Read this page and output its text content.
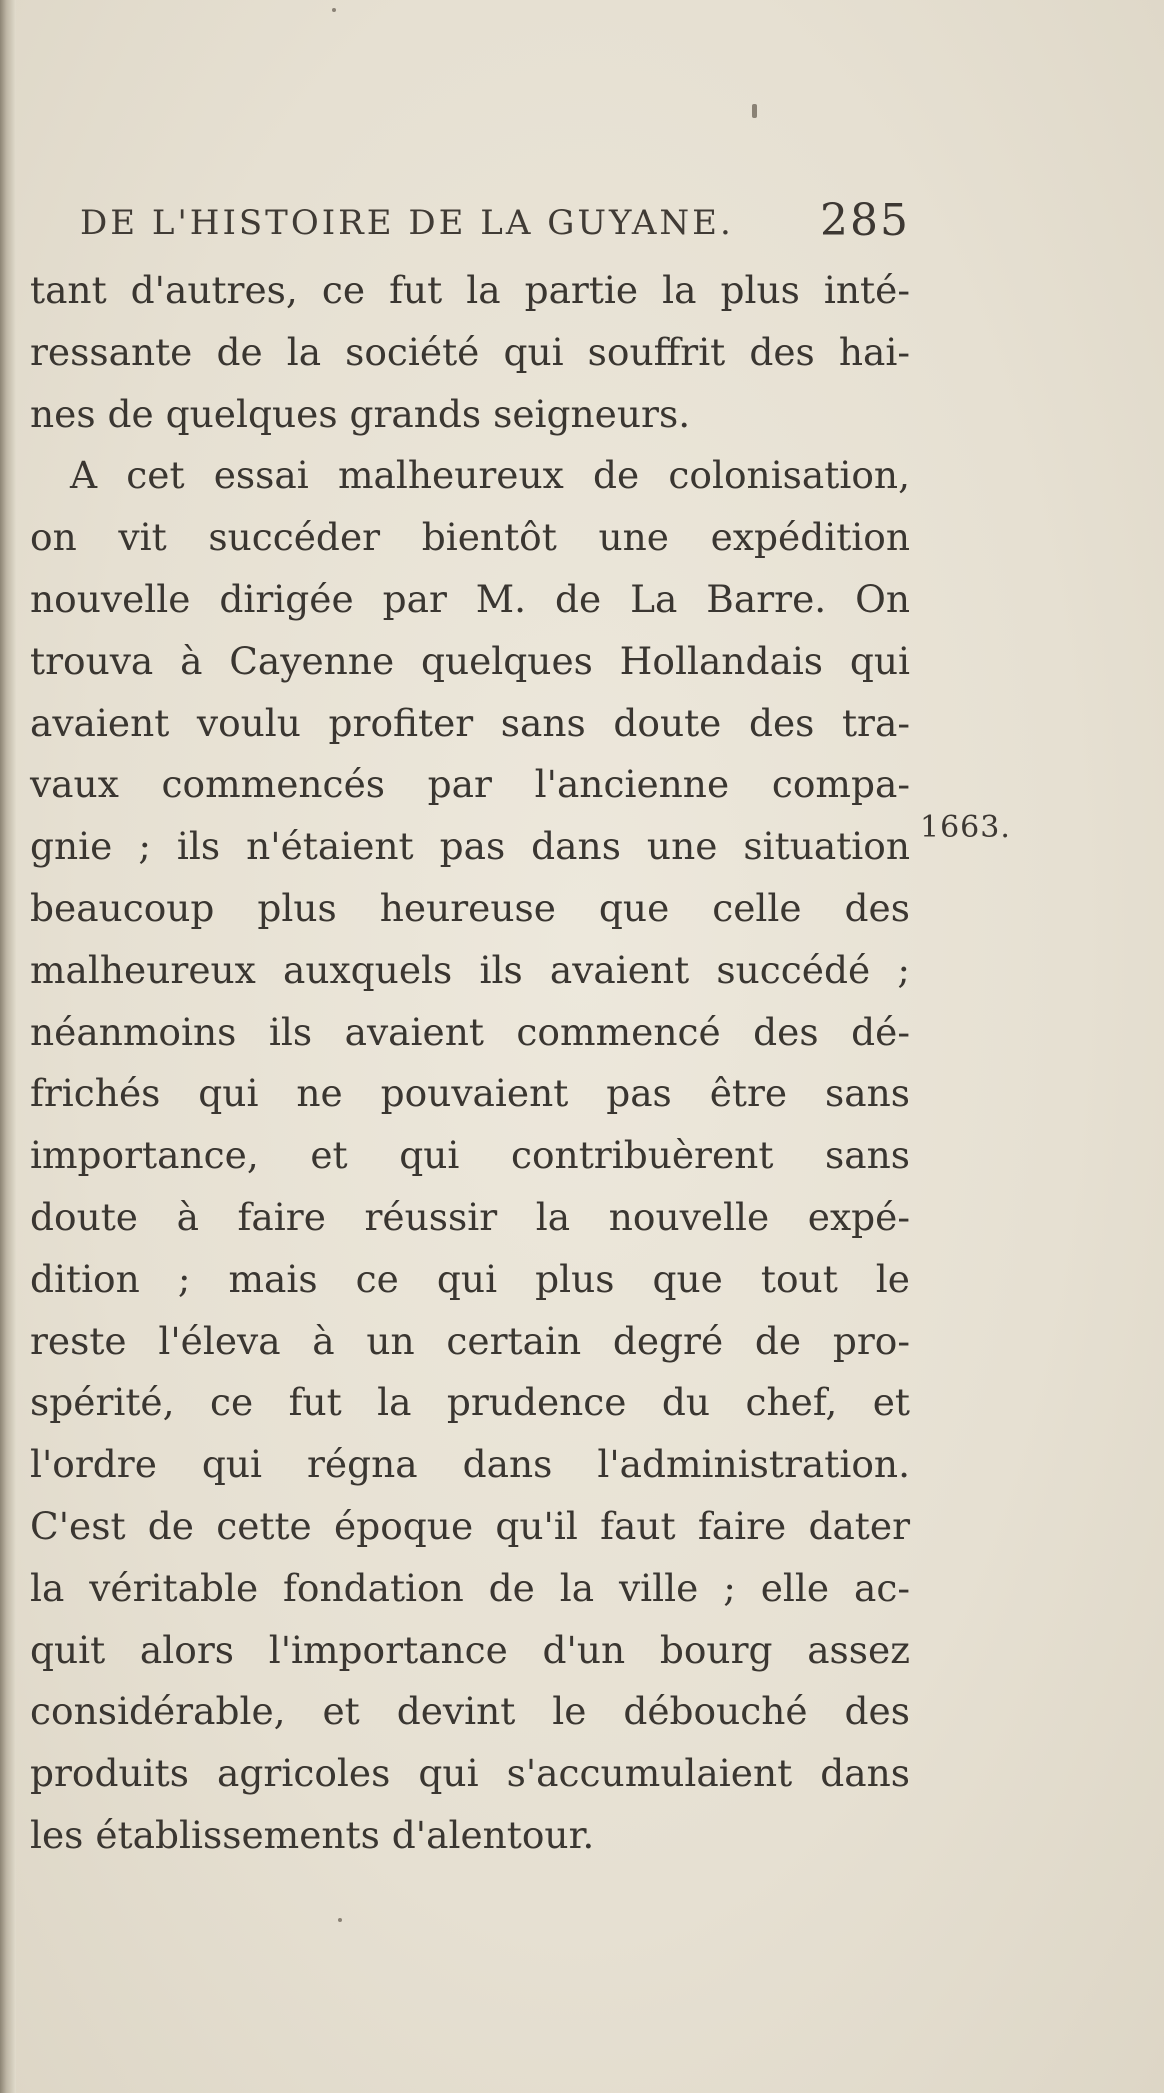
DE L'HISTOIRE DE LA GUYANE. 285
tant d'autres, ce fut la partie la plus inté-
ressante de la société qui souffrit des hai-
nes de quelques grands seigneurs.
A cet essai malheureux de colonisation,
on vit succéder bientôt une expédition
nouvelle dirigée par M. de La Barre. On
trouva à Cayenne quelques Hollandais qui
avaient voulu profiter sans doute des tra-
vaux commencés par l'ancienne compa-
gnie ; ils n'étaient pas dans une situation
beaucoup plus heureuse que celle des
malheureux auxquels ils avaient succédé ;
néanmoins ils avaient commencé des dé-
frichés qui ne pouvaient pas être sans
importance, et qui contribuèrent sans
doute à faire réussir la nouvelle expé-
dition ; mais ce qui plus que tout le
reste l'éleva à un certain degré de pro-
spérité, ce fut la prudence du chef, et
l'ordre qui régna dans l'administration.
C'est de cette époque qu'il faut faire dater
la véritable fondation de la ville ; elle ac-
quit alors l'importance d'un bourg assez
considérable, et devint le débouché des
produits agricoles qui s'accumulaient dans
les établissements d'alentour.
1663.
